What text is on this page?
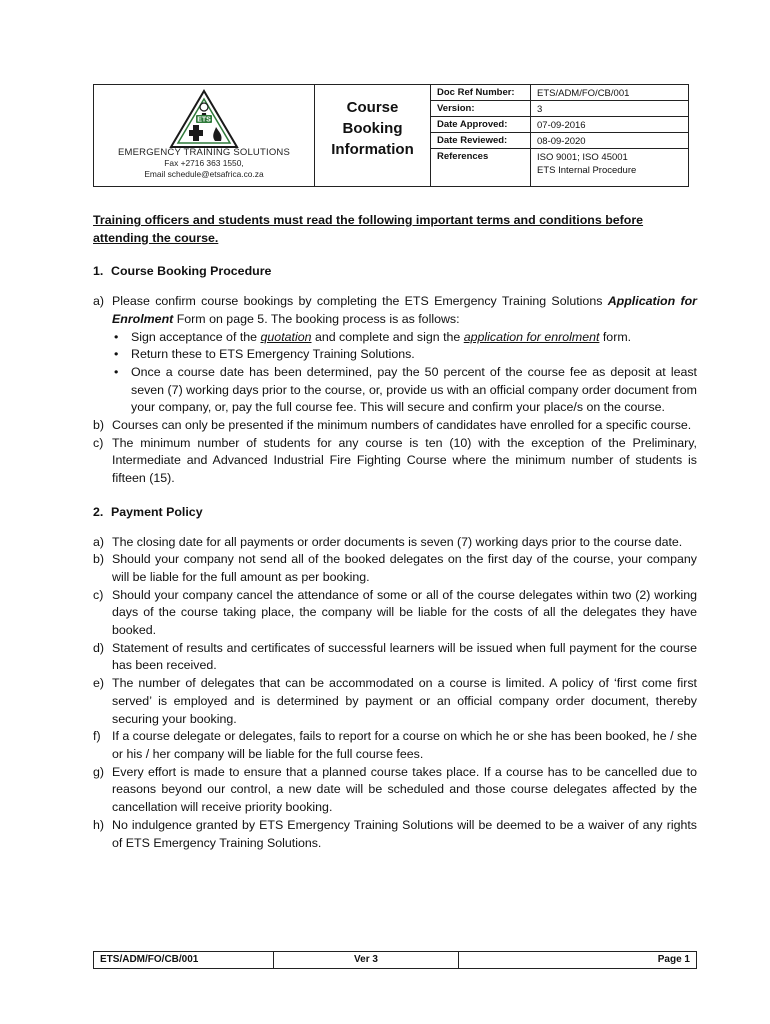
ETS
EMERGENCY TRAINING SOLUTIONS
Fax +2716 363 1550,
Email schedule@etsafrica.co.za
Course
Booking
Information
Doc Ref Number:	ETS/ADM/FO/CB/001
Version:	3
Date Approved:	07-09-2016
Date Reviewed:	08-09-2020
References	ISO 9001; ISO 45001
ETS Internal Procedure

Training officers and students must read the following important terms and conditions before attending the course.

1. Course Booking Procedure

a) Please confirm course bookings by completing the ETS Emergency Training Solutions Application for Enrolment Form on page 5. The booking process is as follows:
• Sign acceptance of the quotation and complete and sign the application for enrolment form.
• Return these to ETS Emergency Training Solutions.
• Once a course date has been determined, pay the 50 percent of the course fee as deposit at least seven (7) working days prior to the course, or, provide us with an official company order document from your company, or, pay the full course fee. This will secure and confirm your place/s on the course.
b) Courses can only be presented if the minimum numbers of candidates have enrolled for a specific course.
c) The minimum number of students for any course is ten (10) with the exception of the Preliminary, Intermediate and Advanced Industrial Fire Fighting Course where the minimum number of students is fifteen (15).

2. Payment Policy

a) The closing date for all payments or order documents is seven (7) working days prior to the course date.
b) Should your company not send all of the booked delegates on the first day of the course, your company will be liable for the full amount as per booking.
c) Should your company cancel the attendance of some or all of the course delegates within two (2) working days of the course taking place, the company will be liable for the costs of all the delegates they have booked.
d) Statement of results and certificates of successful learners will be issued when full payment for the course has been received.
e) The number of delegates that can be accommodated on a course is limited. A policy of ‘first come first served’ is employed and is determined by payment or an official company order document, thereby securing your booking.
f) If a course delegate or delegates, fails to report for a course on which he or she has been booked, he / she or his / her company will be liable for the full course fees.
g) Every effort is made to ensure that a planned course takes place. If a course has to be cancelled due to reasons beyond our control, a new date will be scheduled and those course delegates affected by the cancellation will receive priority booking.
h) No indulgence granted by ETS Emergency Training Solutions will be deemed to be a waiver of any rights of ETS Emergency Training Solutions.
ETS/ADM/FO/CB/001	Ver 3	Page 1
